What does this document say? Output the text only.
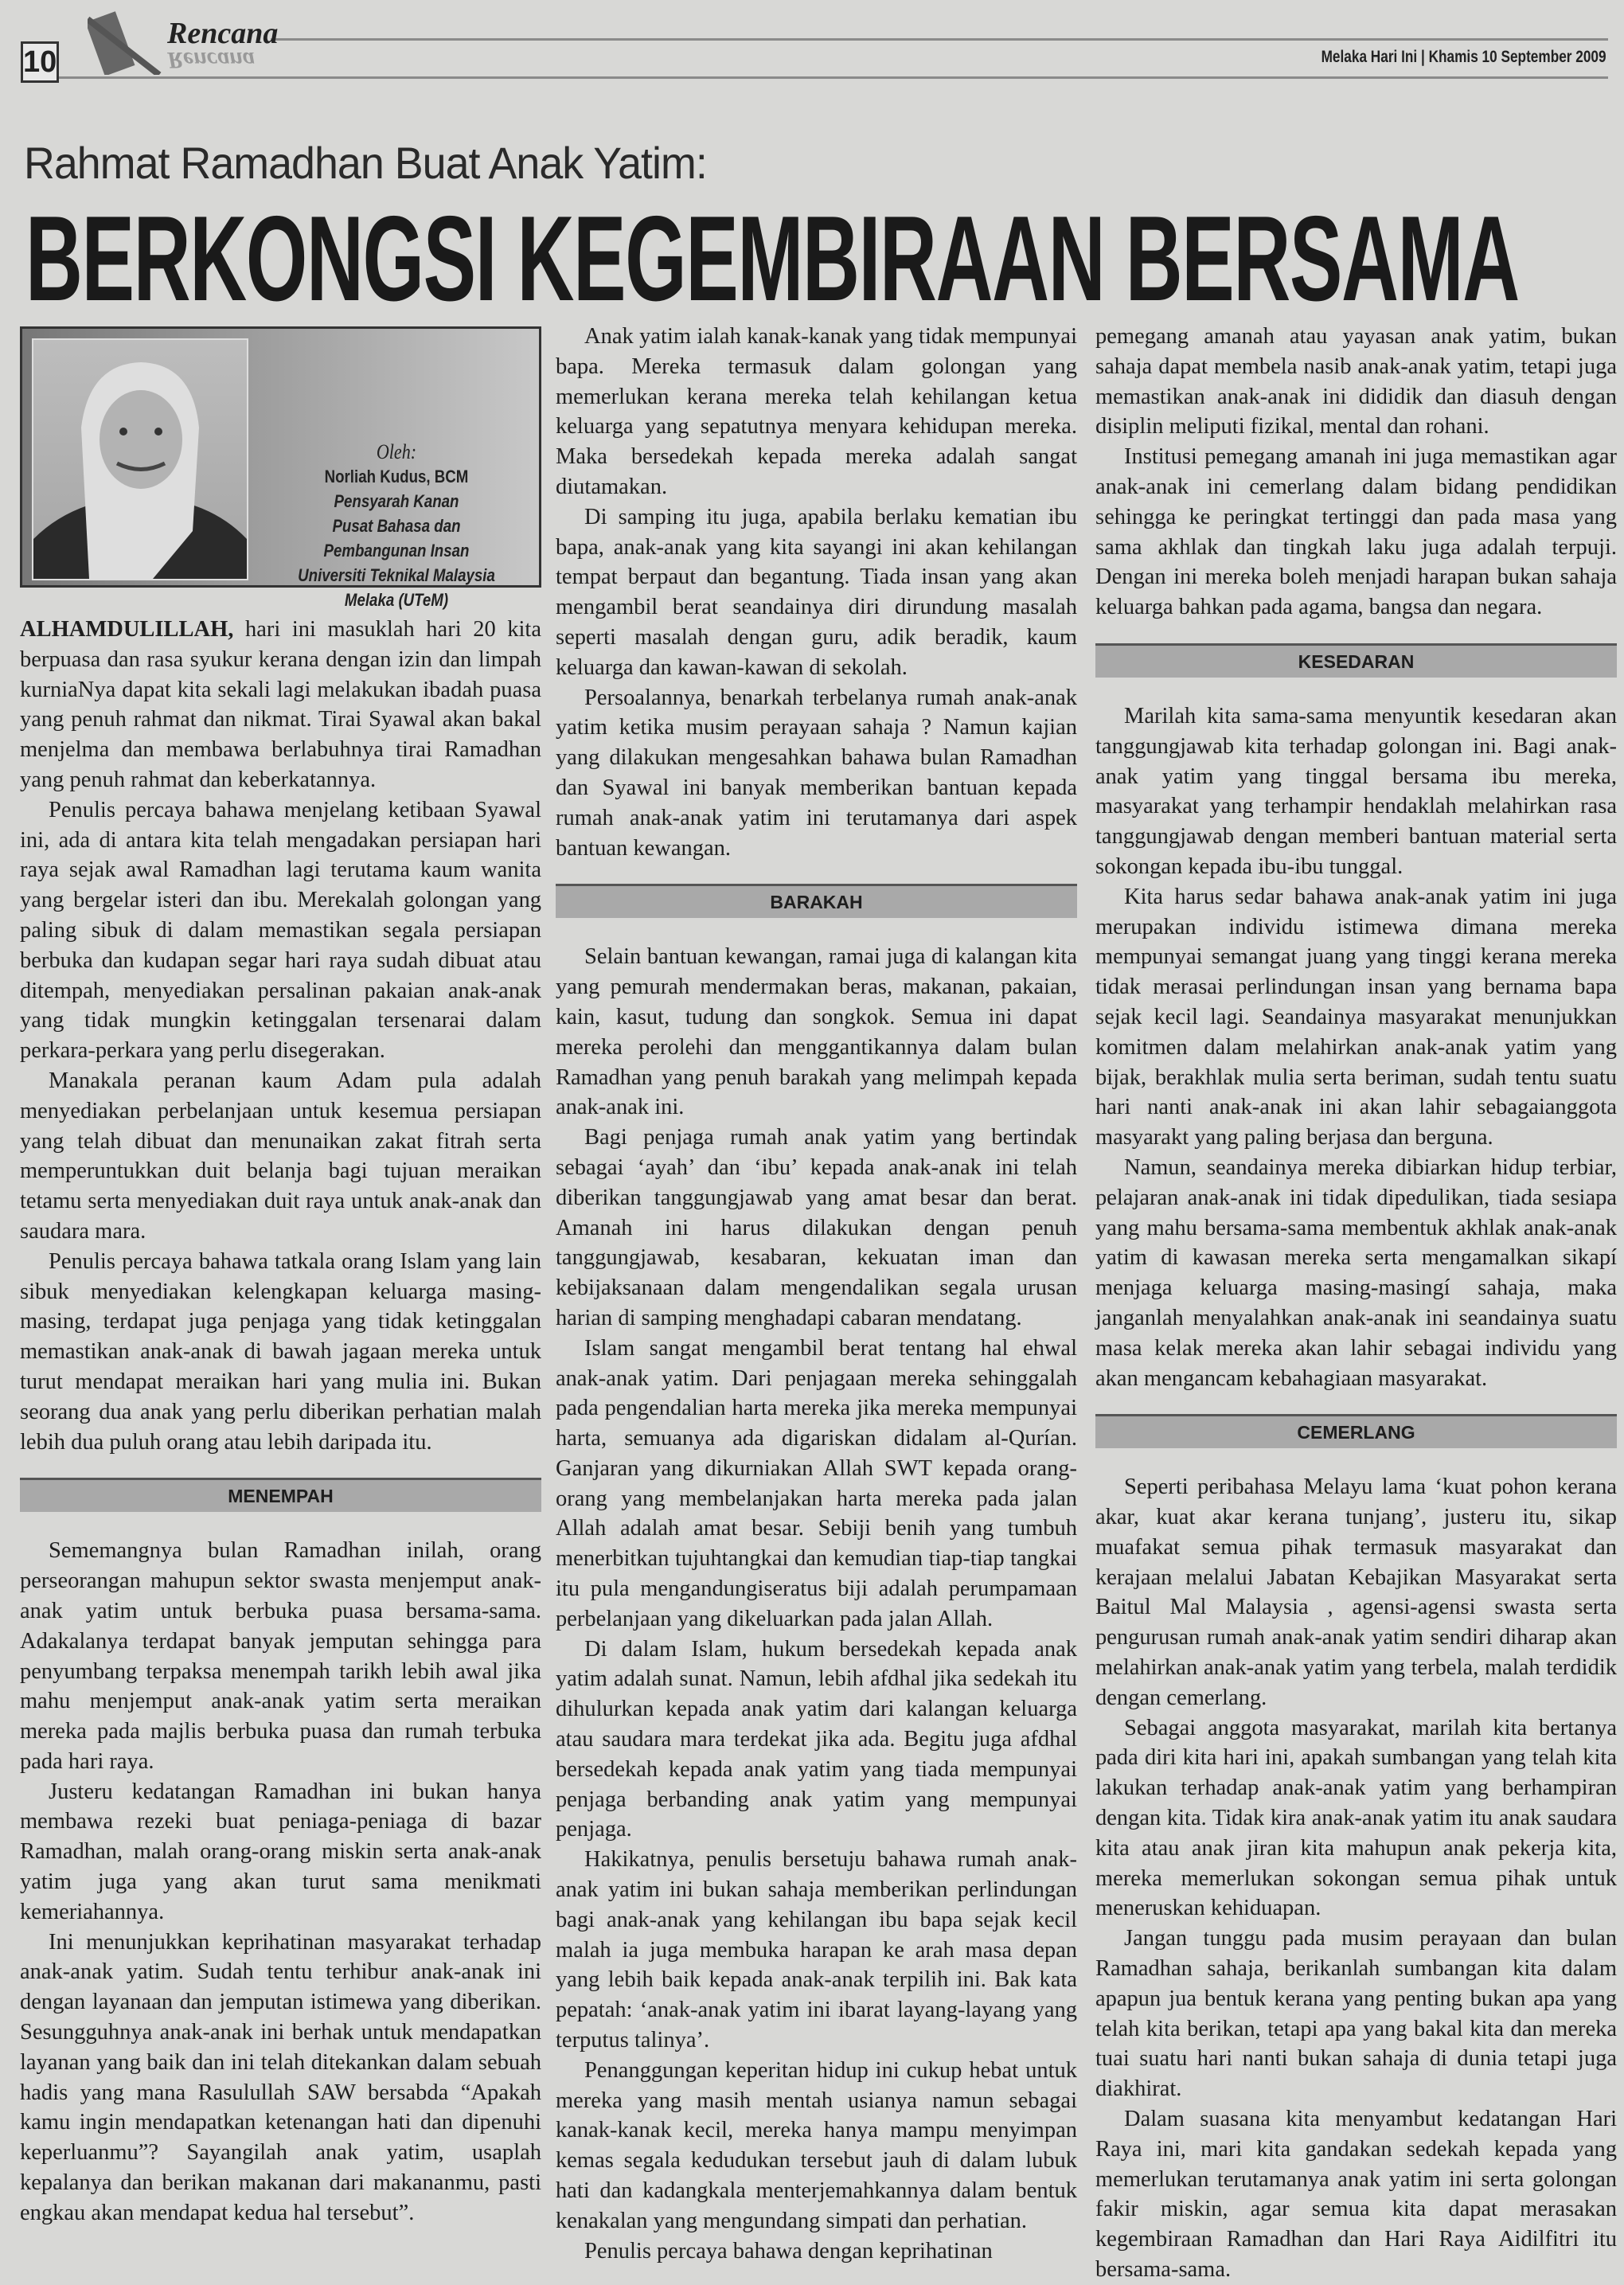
10
Rencana
Rencana	Melaka Hari Ini | Khamis 10 September 2009
Rahmat Ramadhan Buat Anak Yatim:
BERKONGSI KEGEMBIRAAN BERSAMA
Oleh:
Norliah Kudus, BCM
Pensyarah Kanan
Pusat Bahasa dan
Pembangunan Insan
Universiti Teknikal Malaysia
Melaka (UTeM)

ALHAMDULILLAH, hari ini masuklah hari 20 kita berpuasa dan rasa syukur kerana dengan izin dan limpah kurniaNya dapat kita sekali lagi melakukan ibadah puasa yang penuh rahmat dan nikmat. Tirai Syawal akan bakal menjelma dan membawa berlabuhnya tirai Ramadhan yang penuh rahmat dan keberkatannya.

Penulis percaya bahawa menjelang ketibaan Syawal ini, ada di antara kita telah mengadakan persiapan hari raya sejak awal Ramadhan lagi terutama kaum wanita yang bergelar isteri dan ibu. Merekalah golongan yang paling sibuk di dalam memastikan segala persiapan berbuka dan kudapan segar hari raya sudah dibuat atau ditempah, menyediakan persalinan pakaian anak-anak yang tidak mungkin ketinggalan tersenarai dalam perkara-perkara yang perlu disegerakan.

Manakala peranan kaum Adam pula adalah menyediakan perbelanjaan untuk kesemua persiapan yang telah dibuat dan menunaikan zakat fitrah serta memperuntukkan duit belanja bagi tujuan meraikan tetamu serta menyediakan duit raya untuk anak-anak dan saudara mara.

Penulis percaya bahawa tatkala orang Islam yang lain sibuk menyediakan kelengkapan keluarga masing-masing, terdapat juga penjaga yang tidak ketinggalan memastikan anak-anak di bawah jagaan mereka untuk turut mendapat meraikan hari yang mulia ini. Bukan seorang dua anak yang perlu diberikan perhatian malah lebih dua puluh orang atau lebih daripada itu.

MENEMPAH

Sememangnya bulan Ramadhan inilah, orang perseorangan mahupun sektor swasta menjemput anak-anak yatim untuk berbuka puasa bersama-sama. Adakalanya terdapat banyak jemputan sehingga para penyumbang terpaksa menempah tarikh lebih awal jika mahu menjemput anak-anak yatim serta meraikan mereka pada majlis berbuka puasa dan rumah terbuka pada hari raya.

Justeru kedatangan Ramadhan ini bukan hanya membawa rezeki buat peniaga-peniaga di bazar Ramadhan, malah orang-orang miskin serta anak-anak yatim juga yang akan turut sama menikmati kemeriahannya.

Ini menunjukkan keprihatinan masyarakat terhadap anak-anak yatim. Sudah tentu terhibur anak-anak ini dengan layanaan dan jemputan istimewa yang diberikan. Sesungguhnya anak-anak ini berhak untuk mendapatkan layanan yang baik dan ini telah ditekankan dalam sebuah hadis yang mana Rasulullah SAW bersabda “Apakah kamu ingin mendapatkan ketenangan hati dan dipenuhi keperluanmu”? Sayangilah anak yatim, usaplah kepalanya dan berikan makanan dari makananmu, pasti engkau akan mendapat kedua hal tersebut”.

Anak yatim ialah kanak-kanak yang tidak mempunyai bapa. Mereka termasuk dalam golongan yang memerlukan kerana mereka telah kehilangan ketua keluarga yang sepatutnya menyara kehidupan mereka. Maka bersedekah kepada mereka adalah sangat diutamakan.

Di samping itu juga, apabila berlaku kematian ibu bapa, anak-anak yang kita sayangi ini akan kehilangan tempat berpaut dan begantung. Tiada insan yang akan mengambil berat seandainya diri dirundung masalah seperti masalah dengan guru, adik beradik, kaum keluarga dan kawan-kawan di sekolah.

Persoalannya, benarkah terbelanya rumah anak-anak yatim ketika musim perayaan sahaja ? Namun kajian yang dilakukan mengesahkan bahawa bulan Ramadhan dan Syawal ini banyak memberikan bantuan kepada rumah anak-anak yatim ini terutamanya dari aspek bantuan kewangan.

BARAKAH

Selain bantuan kewangan, ramai juga di kalangan kita yang pemurah mendermakan beras, makanan, pakaian, kain, kasut, tudung dan songkok. Semua ini dapat mereka perolehi dan menggantikannya dalam bulan Ramadhan yang penuh barakah yang melimpah kepada anak-anak ini.

Bagi penjaga rumah anak yatim yang bertindak sebagai ‘ayah’ dan ‘ibu’ kepada anak-anak ini telah diberikan tanggungjawab yang amat besar dan berat. Amanah ini harus dilakukan dengan penuh tanggungjawab, kesabaran, kekuatan iman dan kebijaksanaan dalam mengendalikan segala urusan harian di samping menghadapi cabaran mendatang.

Islam sangat mengambil berat tentang hal ehwal anak-anak yatim. Dari penjagaan mereka sehinggalah pada pengendalian harta mereka jika mereka mempunyai harta, semuanya ada digariskan didalam al-Qurían. Ganjaran yang dikurniakan Allah SWT kepada orang-orang yang membelanjakan harta mereka pada jalan Allah adalah amat besar. Sebiji benih yang tumbuh menerbitkan tujuhtangkai dan kemudian tiap-tiap tangkai itu pula mengandungiseratus biji adalah perumpamaan perbelanjaan yang dikeluarkan pada jalan Allah.

Di dalam Islam, hukum bersedekah kepada anak yatim adalah sunat. Namun, lebih afdhal jika sedekah itu dihulurkan kepada anak yatim dari kalangan keluarga atau saudara mara terdekat jika ada. Begitu juga afdhal bersedekah kepada anak yatim yang tiada mempunyai penjaga berbanding anak yatim yang mempunyai penjaga.

Hakikatnya, penulis bersetuju bahawa rumah anak-anak yatim ini bukan sahaja memberikan perlindungan bagi anak-anak yang kehilangan ibu bapa sejak kecil malah ia juga membuka harapan ke arah masa depan yang lebih baik kepada anak-anak terpilih ini. Bak kata pepatah: ‘anak-anak yatim ini ibarat layang-layang yang terputus talinya’.

Penanggungan keperitan hidup ini cukup hebat untuk mereka yang masih mentah usianya namun sebagai kanak-kanak kecil, mereka hanya mampu menyimpan kemas segala kedudukan tersebut jauh di dalam lubuk hati dan kadangkala menterjemahkannya dalam bentuk kenakalan yang mengundang simpati dan perhatian.

Penulis percaya bahawa dengan keprihatinan

pemegang amanah atau yayasan anak yatim, bukan sahaja dapat membela nasib anak-anak yatim, tetapi juga memastikan anak-anak ini dididik dan diasuh dengan disiplin meliputi fizikal, mental dan rohani.

Institusi pemegang amanah ini juga memastikan agar anak-anak ini cemerlang dalam bidang pendidikan sehingga ke peringkat tertinggi dan pada masa yang sama akhlak dan tingkah laku juga adalah terpuji. Dengan ini mereka boleh menjadi harapan bukan sahaja keluarga bahkan pada agama, bangsa dan negara.

KESEDARAN

Marilah kita sama-sama menyuntik kesedaran akan tanggungjawab kita terhadap golongan ini. Bagi anak-anak yatim yang tinggal bersama ibu mereka, masyarakat yang terhampir hendaklah melahirkan rasa tanggungjawab dengan memberi bantuan material serta sokongan kepada ibu-ibu tunggal.

Kita harus sedar bahawa anak-anak yatim ini juga merupakan individu istimewa dimana mereka mempunyai semangat juang yang tinggi kerana mereka tidak merasai perlindungan insan yang bernama bapa sejak kecil lagi. Seandainya masyarakat menunjukkan komitmen dalam melahirkan anak-anak yatim yang bijak, berakhlak mulia serta beriman, sudah tentu suatu hari nanti anak-anak ini akan lahir sebagaianggota masyarakt yang paling berjasa dan berguna.

Namun, seandainya mereka dibiarkan hidup terbiar, pelajaran anak-anak ini tidak dipedulikan, tiada sesiapa yang mahu bersama-sama membentuk akhlak anak-anak yatim di kawasan mereka serta mengamalkan sikapí menjaga keluarga masing-masingí sahaja, maka janganlah menyalahkan anak-anak ini seandainya suatu masa kelak mereka akan lahir sebagai individu yang akan mengancam kebahagiaan masyarakat.

CEMERLANG

Seperti peribahasa Melayu lama ‘kuat pohon kerana akar, kuat akar kerana tunjang’, justeru itu, sikap muafakat semua pihak termasuk masyarakat dan kerajaan melalui Jabatan Kebajikan Masyarakat serta Baitul Mal Malaysia , agensi-agensi swasta serta pengurusan rumah anak-anak yatim sendiri diharap akan melahirkan anak-anak yatim yang terbela, malah terdidik dengan cemerlang.

Sebagai anggota masyarakat, marilah kita bertanya pada diri kita hari ini, apakah sumbangan yang telah kita lakukan terhadap anak-anak yatim yang berhampiran dengan kita. Tidak kira anak-anak yatim itu anak saudara kita atau anak jiran kita mahupun anak pekerja kita, mereka memerlukan sokongan semua pihak untuk meneruskan kehiduapan.

Jangan tunggu pada musim perayaan dan bulan Ramadhan sahaja, berikanlah sumbangan kita dalam apapun jua bentuk kerana yang penting bukan apa yang telah kita berikan, tetapi apa yang bakal kita dan mereka tuai suatu hari nanti bukan sahaja di dunia tetapi juga diakhirat.

Dalam suasana kita menyambut kedatangan Hari Raya ini, mari kita gandakan sedekah kepada yang memerlukan terutamanya anak yatim ini serta golongan fakir miskin, agar semua kita dapat merasakan kegembiraan Ramadhan dan Hari Raya Aidilfitri itu bersama-sama.
